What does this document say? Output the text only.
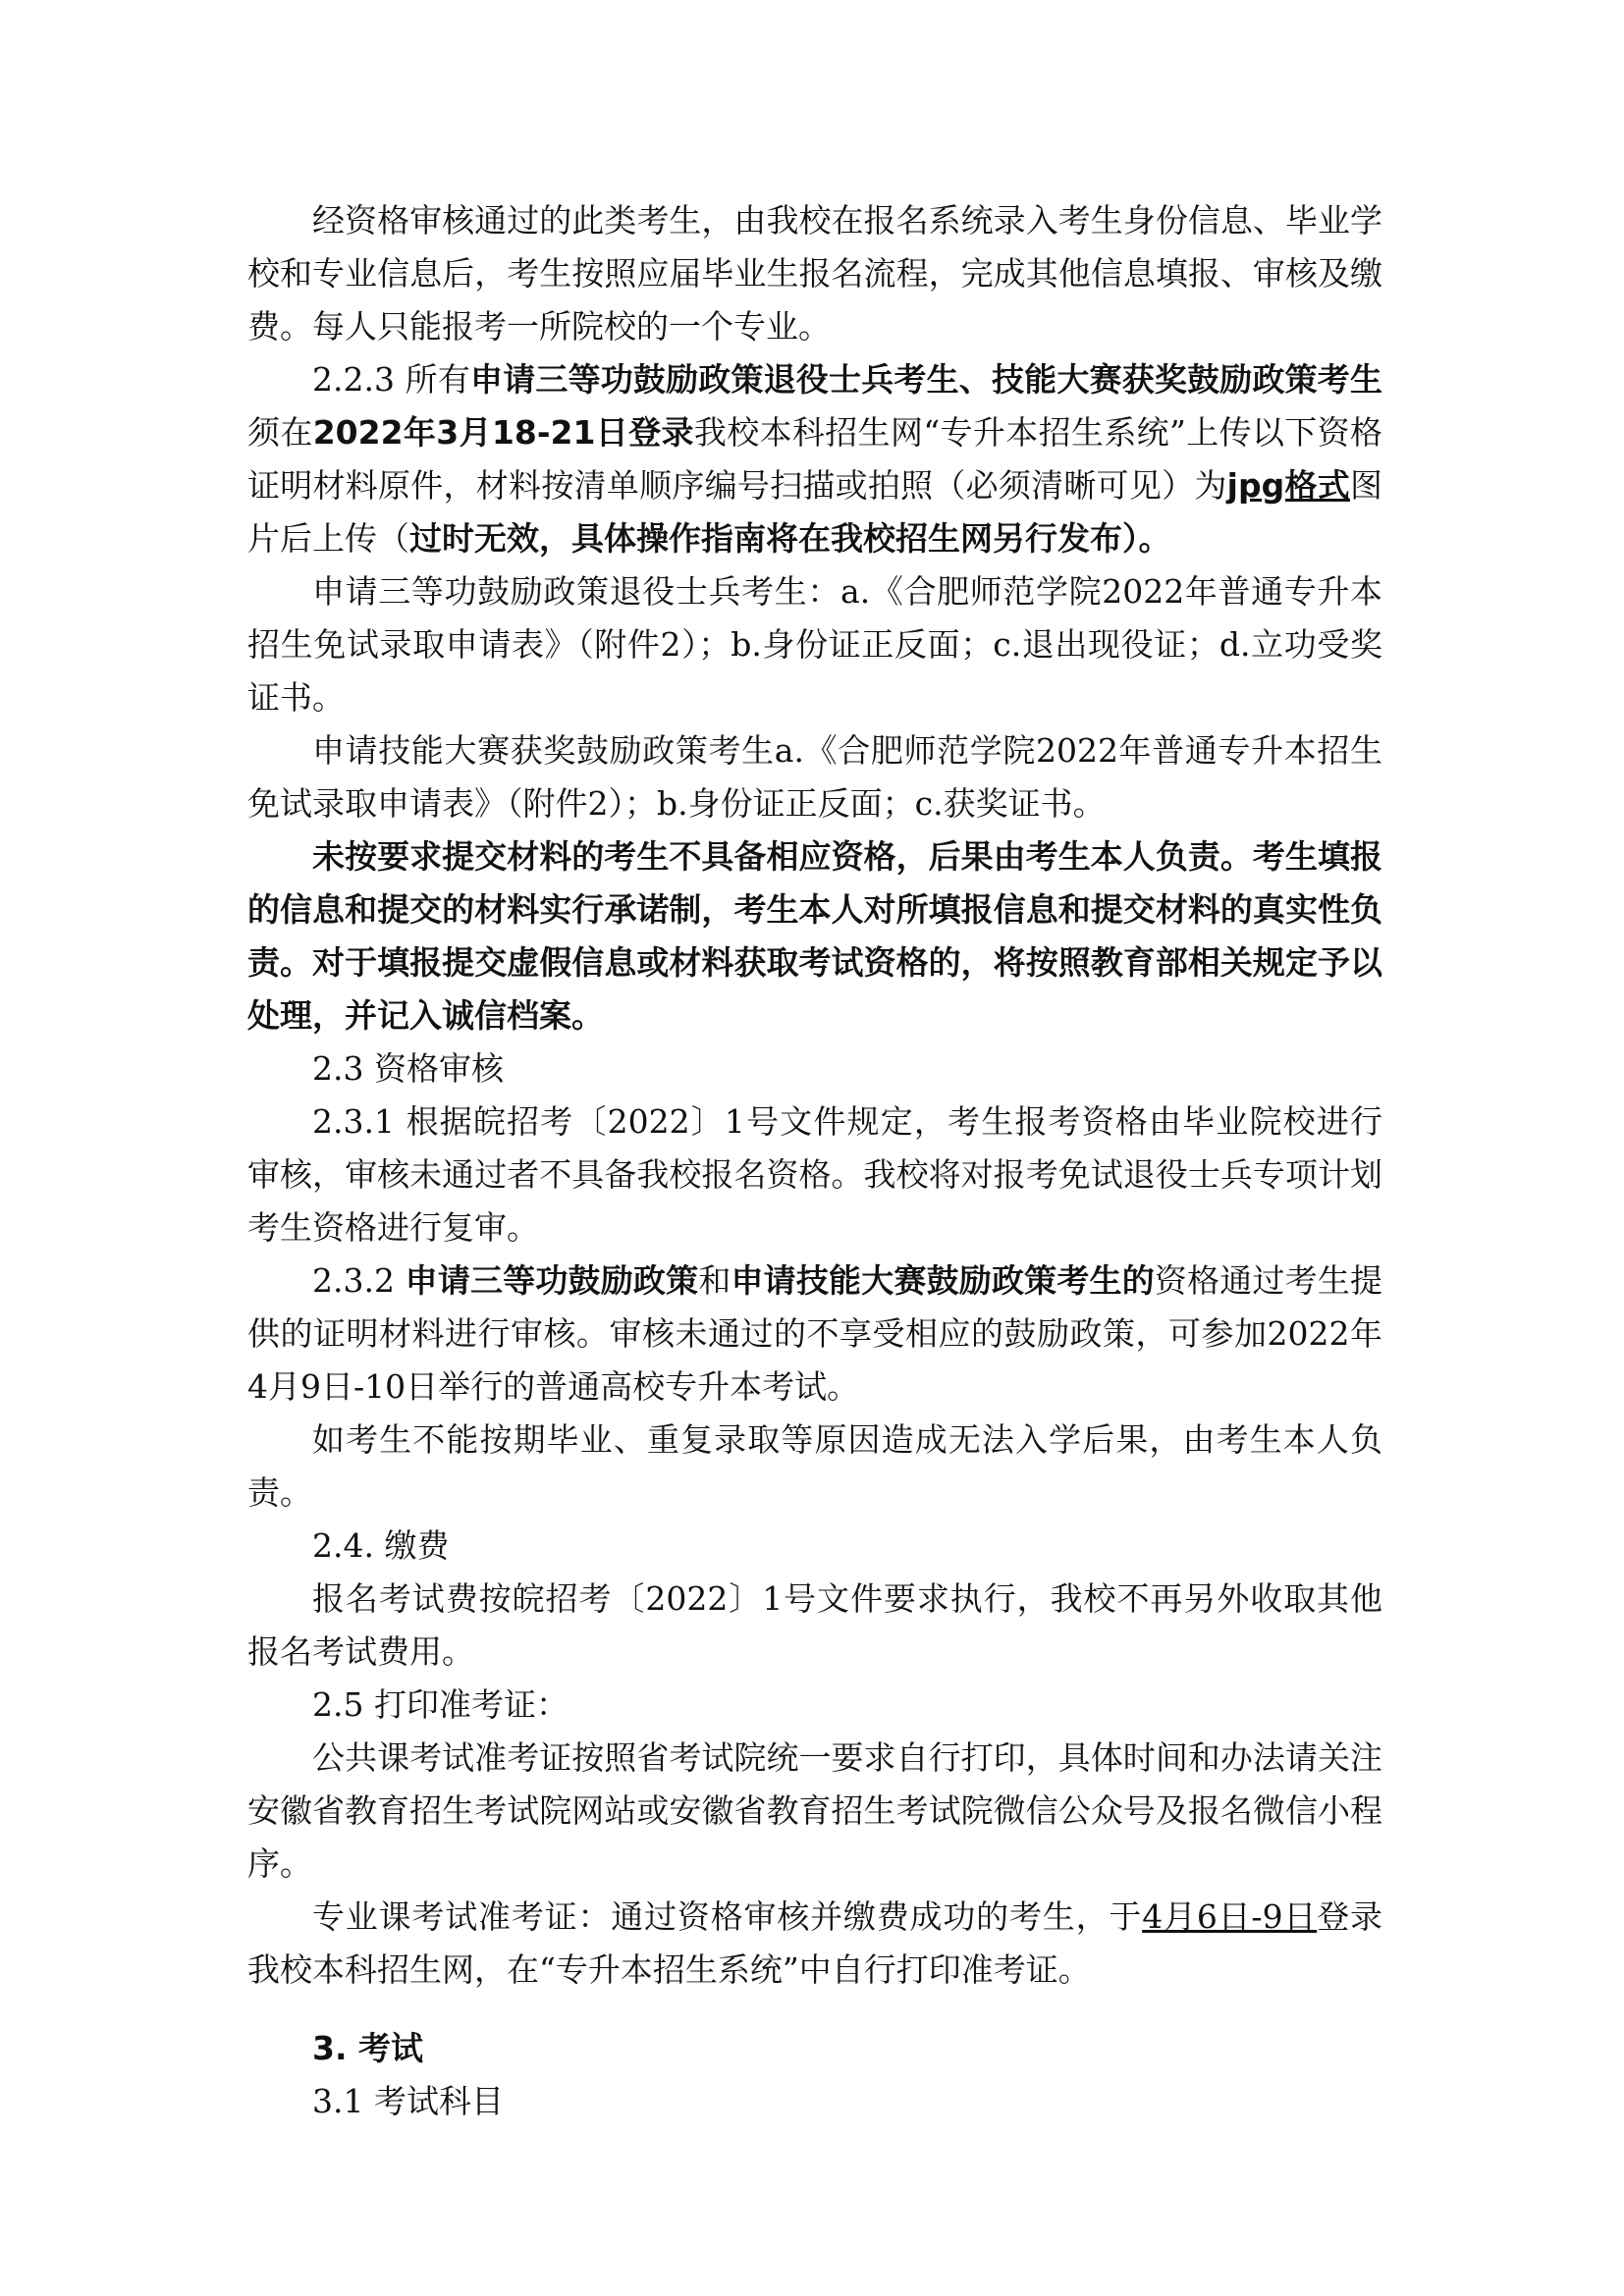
经资格审核通过的此类考生，由我校在报名系统录入考生身份信息、毕业学校和专业信息后，考生按照应届毕业生报名流程，完成其他信息填报、审核及缴费。每人只能报考一所院校的一个专业。

2.2.3 所有申请三等功鼓励政策退役士兵考生、技能大赛获奖鼓励政策考生须在2022年3月18-21日登录我校本科招生网“专升本招生系统”上传以下资格证明材料原件，材料按清单顺序编号扫描或拍照（必须清晰可见）为jpg格式图片后上传（过时无效，具体操作指南将在我校招生网另行发布）。

申请三等功鼓励政策退役士兵考生：a.《合肥师范学院2022年普通专升本招生免试录取申请表》（附件2）；b.身份证正反面；c.退出现役证；d.立功受奖证书。

申请技能大赛获奖鼓励政策考生a.《合肥师范学院2022年普通专升本招生免试录取申请表》（附件2）；b.身份证正反面；c.获奖证书。

未按要求提交材料的考生不具备相应资格，后果由考生本人负责。考生填报的信息和提交的材料实行承诺制，考生本人对所填报信息和提交材料的真实性负责。对于填报提交虚假信息或材料获取考试资格的，将按照教育部相关规定予以处理，并记入诚信档案。

2.3 资格审核

2.3.1 根据皖招考〔2022〕1号文件规定，考生报考资格由毕业院校进行审核，审核未通过者不具备我校报名资格。我校将对报考免试退役士兵专项计划考生资格进行复审。

2.3.2 申请三等功鼓励政策和申请技能大赛鼓励政策考生的资格通过考生提供的证明材料进行审核。审核未通过的不享受相应的鼓励政策，可参加2022年4月9日-10日举行的普通高校专升本考试。

如考生不能按期毕业、重复录取等原因造成无法入学后果，由考生本人负责。

2.4. 缴费

报名考试费按皖招考〔2022〕1号文件要求执行，我校不再另外收取其他报名考试费用。

2.5 打印准考证：

公共课考试准考证按照省考试院统一要求自行打印，具体时间和办法请关注安徽省教育招生考试院网站或安徽省教育招生考试院微信公众号及报名微信小程序。

专业课考试准考证：通过资格审核并缴费成功的考生，于4月6日-9日登录我校本科招生网，在“专升本招生系统”中自行打印准考证。

3. 考试

3.1 考试科目
